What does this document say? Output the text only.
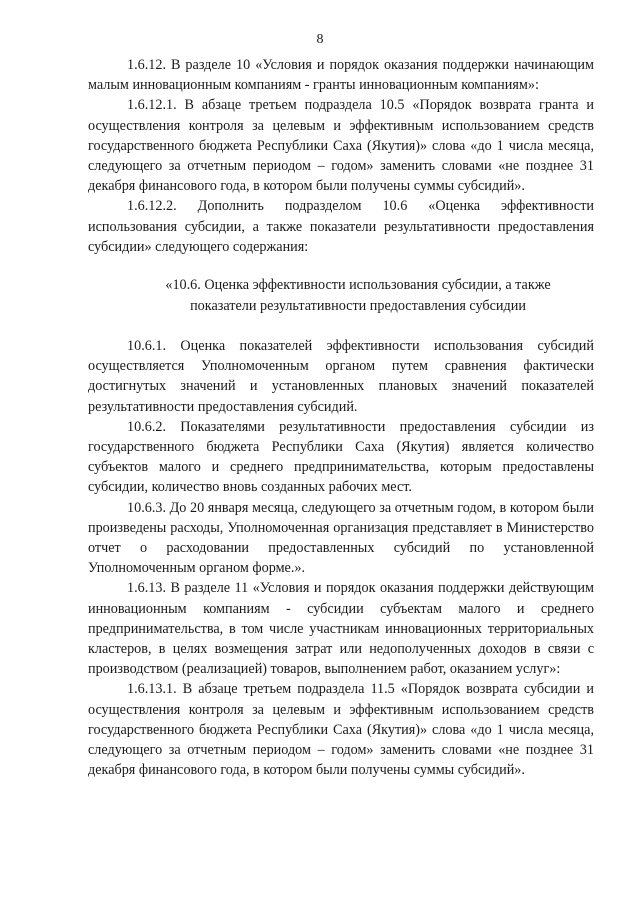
8

1.6.12. В разделе 10 «Условия и порядок оказания поддержки начинающим малым инновационным компаниям - гранты инновационным компаниям»:

1.6.12.1. В абзаце третьем подраздела 10.5 «Порядок возврата гранта и осуществления контроля за целевым и эффективным использованием средств государственного бюджета Республики Саха (Якутия)» слова «до 1 числа месяца, следующего за отчетным периодом – годом» заменить словами «не позднее 31 декабря финансового года, в котором были получены суммы субсидий».

1.6.12.2. Дополнить подразделом 10.6 «Оценка эффективности использования субсидии, а также показатели результативности предоставления субсидии» следующего содержания:

«10.6. Оценка эффективности использования субсидии, а также показатели результативности предоставления субсидии

10.6.1. Оценка показателей эффективности использования субсидий осуществляется Уполномоченным органом путем сравнения фактически достигнутых значений и установленных плановых значений показателей результативности предоставления субсидий.

10.6.2. Показателями результативности предоставления субсидии из государственного бюджета Республики Саха (Якутия) является количество субъектов малого и среднего предпринимательства, которым предоставлены субсидии, количество вновь созданных рабочих мест.

10.6.3. До 20 января месяца, следующего за отчетным годом, в котором были произведены расходы, Уполномоченная организация представляет в Министерство отчет о расходовании предоставленных субсидий по установленной Уполномоченным органом форме.».

1.6.13. В разделе 11 «Условия и порядок оказания поддержки действующим инновационным компаниям - субсидии субъектам малого и среднего предпринимательства, в том числе участникам инновационных территориальных кластеров, в целях возмещения затрат или недополученных доходов в связи с производством (реализацией) товаров, выполнением работ, оказанием услуг»:

1.6.13.1. В абзаце третьем подраздела 11.5 «Порядок возврата субсидии и осуществления контроля за целевым и эффективным использованием средств государственного бюджета Республики Саха (Якутия)» слова «до 1 числа месяца, следующего за отчетным периодом – годом» заменить словами «не позднее 31 декабря финансового года, в котором были получены суммы субсидий».
